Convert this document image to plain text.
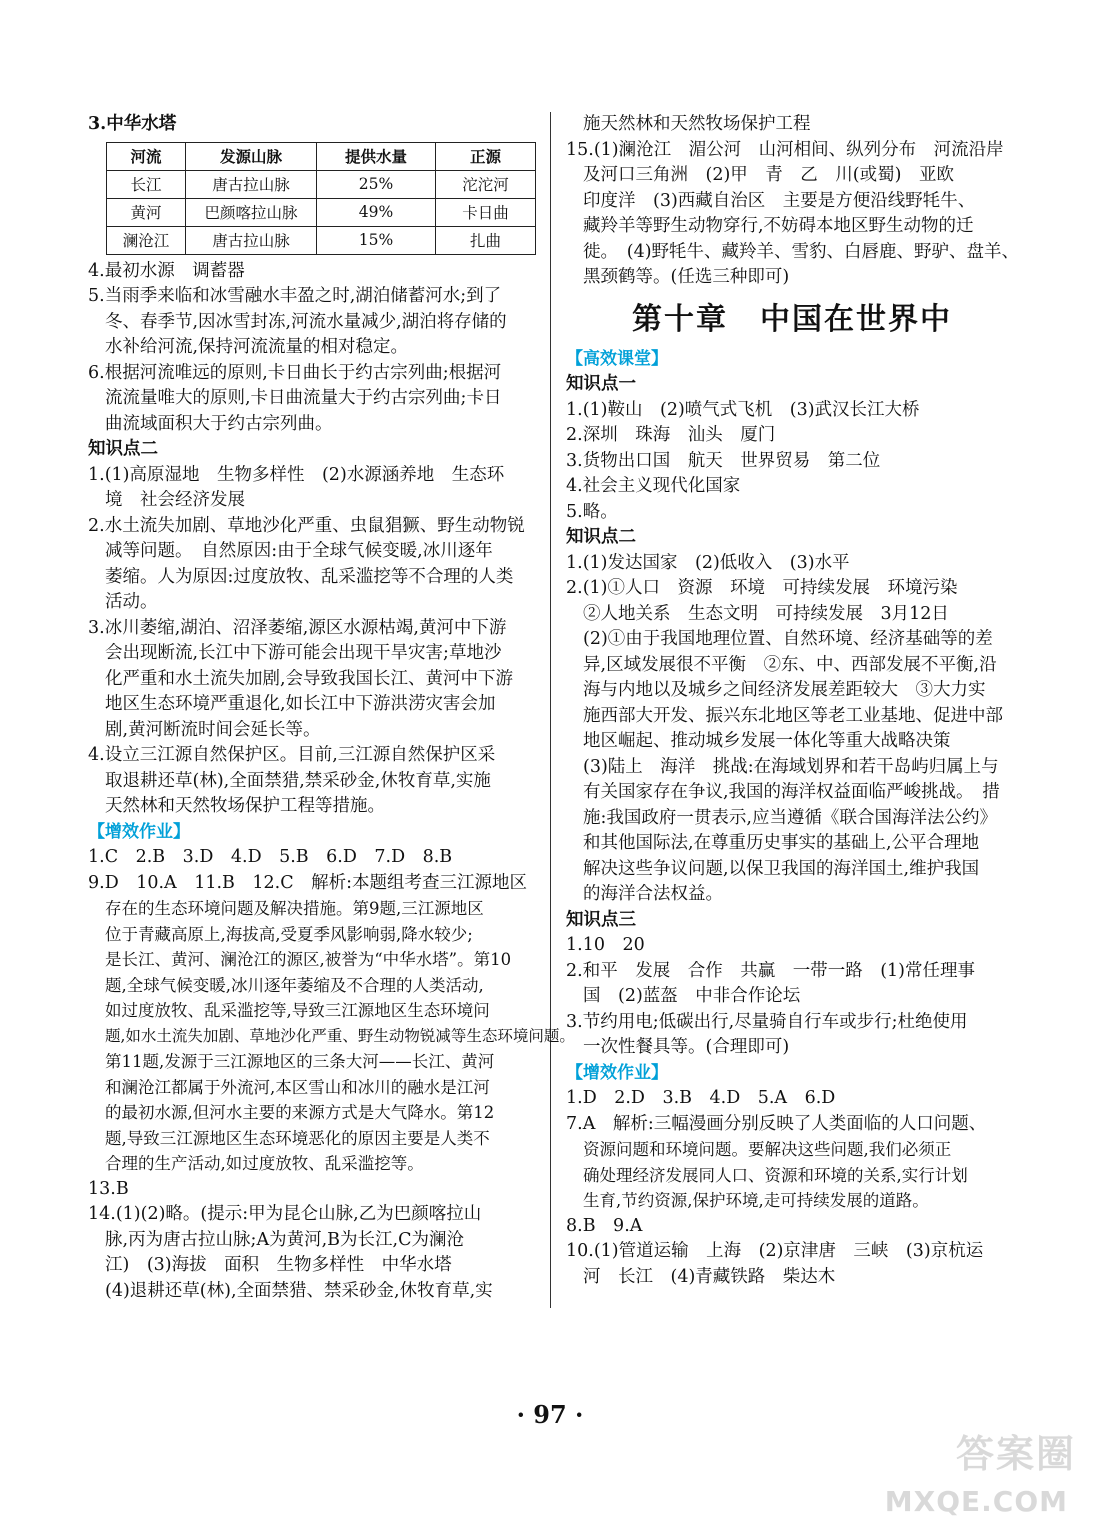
3.中华水塔
河流	发源山脉	提供水量	正源
长江	唐古拉山脉	25%	沱沱河
黄河	巴颜喀拉山脉	49%	卡日曲
澜沧江	唐古拉山脉	15%	扎曲
4.最初水源　调蓄器
5.当雨季来临和冰雪融水丰盈之时,湖泊储蓄河水;到了
冬、春季节,因冰雪封冻,河流水量减少,湖泊将存储的
水补给河流,保持河流流量的相对稳定。
6.根据河流唯远的原则,卡日曲长于约古宗列曲;根据河
流流量唯大的原则,卡日曲流量大于约古宗列曲;卡日
曲流域面积大于约古宗列曲。
知识点二
1.(1)高原湿地　生物多样性　(2)水源涵养地　生态环
境　社会经济发展
2.水土流失加剧、草地沙化严重、虫鼠猖獗、野生动物锐
减等问题。　自然原因:由于全球气候变暖,冰川逐年
萎缩。人为原因:过度放牧、乱采滥挖等不合理的人类
活动。
3.冰川萎缩,湖泊、沼泽萎缩,源区水源枯竭,黄河中下游
会出现断流,长江中下游可能会出现干旱灾害;草地沙
化严重和水土流失加剧,会导致我国长江、黄河中下游
地区生态环境严重退化,如长江中下游洪涝灾害会加
剧,黄河断流时间会延长等。
4.设立三江源自然保护区。目前,三江源自然保护区采
取退耕还草(林),全面禁猎,禁采砂金,休牧育草,实施
天然林和天然牧场保护工程等措施。
【增效作业】
1.C　2.B　3.D　4.D　5.B　6.D　7.D　8.B
9.D　10.A　11.B　12.C　解析:本题组考查三江源地区
存在的生态环境问题及解决措施。第9题,三江源地区
位于青藏高原上,海拔高,受夏季风影响弱,降水较少;
是长江、黄河、澜沧江的源区,被誉为“中华水塔”。第10
题,全球气候变暖,冰川逐年萎缩及不合理的人类活动,
如过度放牧、乱采滥挖等,导致三江源地区生态环境问
题,如水土流失加剧、草地沙化严重、野生动物锐减等生态环境问题。
第11题,发源于三江源地区的三条大河——长江、黄河
和澜沧江都属于外流河,本区雪山和冰川的融水是江河
的最初水源,但河水主要的来源方式是大气降水。第12
题,导致三江源地区生态环境恶化的原因主要是人类不
合理的生产活动,如过度放牧、乱采滥挖等。
13.B
14.(1)(2)略。(提示:甲为昆仑山脉,乙为巴颜喀拉山
脉,丙为唐古拉山脉;A为黄河,B为长江,C为澜沧
江)　(3)海拔　面积　生物多样性　中华水塔
(4)退耕还草(林),全面禁猎、禁采砂金,休牧育草,实
施天然林和天然牧场保护工程
15.(1)澜沧江　湄公河　山河相间、纵列分布　河流沿岸
及河口三角洲　(2)甲　青　乙　川(或蜀)　亚欧
印度洋　(3)西藏自治区　主要是方便沿线野牦牛、
藏羚羊等野生动物穿行,不妨碍本地区野生动物的迁
徙。　(4)野牦牛、藏羚羊、雪豹、白唇鹿、野驴、盘羊、
黑颈鹤等。(任选三种即可)
第十章　中国在世界中
【高效课堂】
知识点一
1.(1)鞍山　(2)喷气式飞机　(3)武汉长江大桥
2.深圳　珠海　汕头　厦门
3.货物出口国　航天　世界贸易　第二位
4.社会主义现代化国家
5.略。
知识点二
1.(1)发达国家　(2)低收入　(3)水平
2.(1)①人口　资源　环境　可持续发展　环境污染
②人地关系　生态文明　可持续发展　3月12日
(2)①由于我国地理位置、自然环境、经济基础等的差
异,区域发展很不平衡　②东、中、西部发展不平衡,沿
海与内地以及城乡之间经济发展差距较大　③大力实
施西部大开发、振兴东北地区等老工业基地、促进中部
地区崛起、推动城乡发展一体化等重大战略决策
(3)陆上　海洋　挑战:在海域划界和若干岛屿归属上与
有关国家存在争议,我国的海洋权益面临严峻挑战。　措
施:我国政府一贯表示,应当遵循《联合国海洋法公约》
和其他国际法,在尊重历史事实的基础上,公平合理地
解决这些争议问题,以保卫我国的海洋国土,维护我国
的海洋合法权益。
知识点三
1.10　20
2.和平　发展　合作　共赢　一带一路　(1)常任理事
国　(2)蓝盔　中非合作论坛
3.节约用电;低碳出行,尽量骑自行车或步行;杜绝使用
一次性餐具等。(合理即可)
【增效作业】
1.D　2.D　3.B　4.D　5.A　6.D
7.A　解析:三幅漫画分别反映了人类面临的人口问题、
资源问题和环境问题。要解决这些问题,我们必须正
确处理经济发展同人口、资源和环境的关系,实行计划
生育,节约资源,保护环境,走可持续发展的道路。
8.B　9.A
10.(1)管道运输　上海　(2)京津唐　三峡　(3)京杭运
河　长江　(4)青藏铁路　柴达木
· 97 ·
答案圈
MXQE.COM
